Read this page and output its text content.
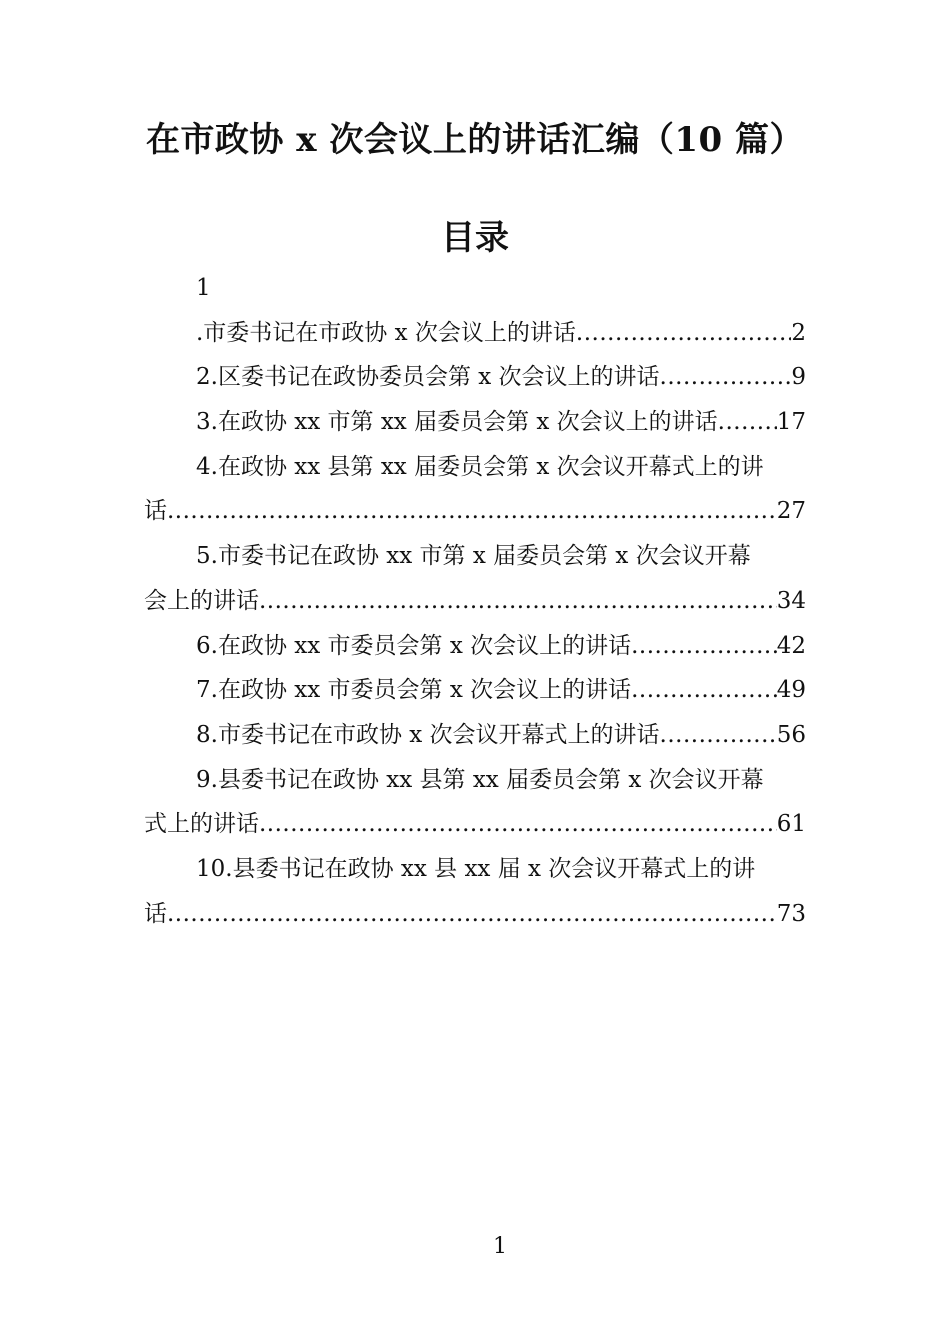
在市政协 x 次会议上的讲话汇编（10 篇）
目录
1
.市委书记在市政协 x 次会议上的讲话 .....	2
2.区委书记在政协委员会第 x 次会议上的讲话 .....	9
3.在政协 xx 市第 xx 届委员会第 x 次会议上的讲话 .....	17
4.在政协 xx 县第 xx 届委员会第 x 次会议开幕式上的讲
话 .....	27
5.市委书记在政协 xx 市第 x 届委员会第 x 次会议开幕
会上的讲话 .....	34
6.在政协 xx 市委员会第 x 次会议上的讲话 .....	42
7.在政协 xx 市委员会第 x 次会议上的讲话 .....	49
8.市委书记在市政协 x 次会议开幕式上的讲话 .....	56
9.县委书记在政协 xx 县第 xx 届委员会第 x 次会议开幕
式上的讲话 .....	61
10.县委书记在政协 xx 县 xx 届 x 次会议开幕式上的讲
话 .....	73
1
